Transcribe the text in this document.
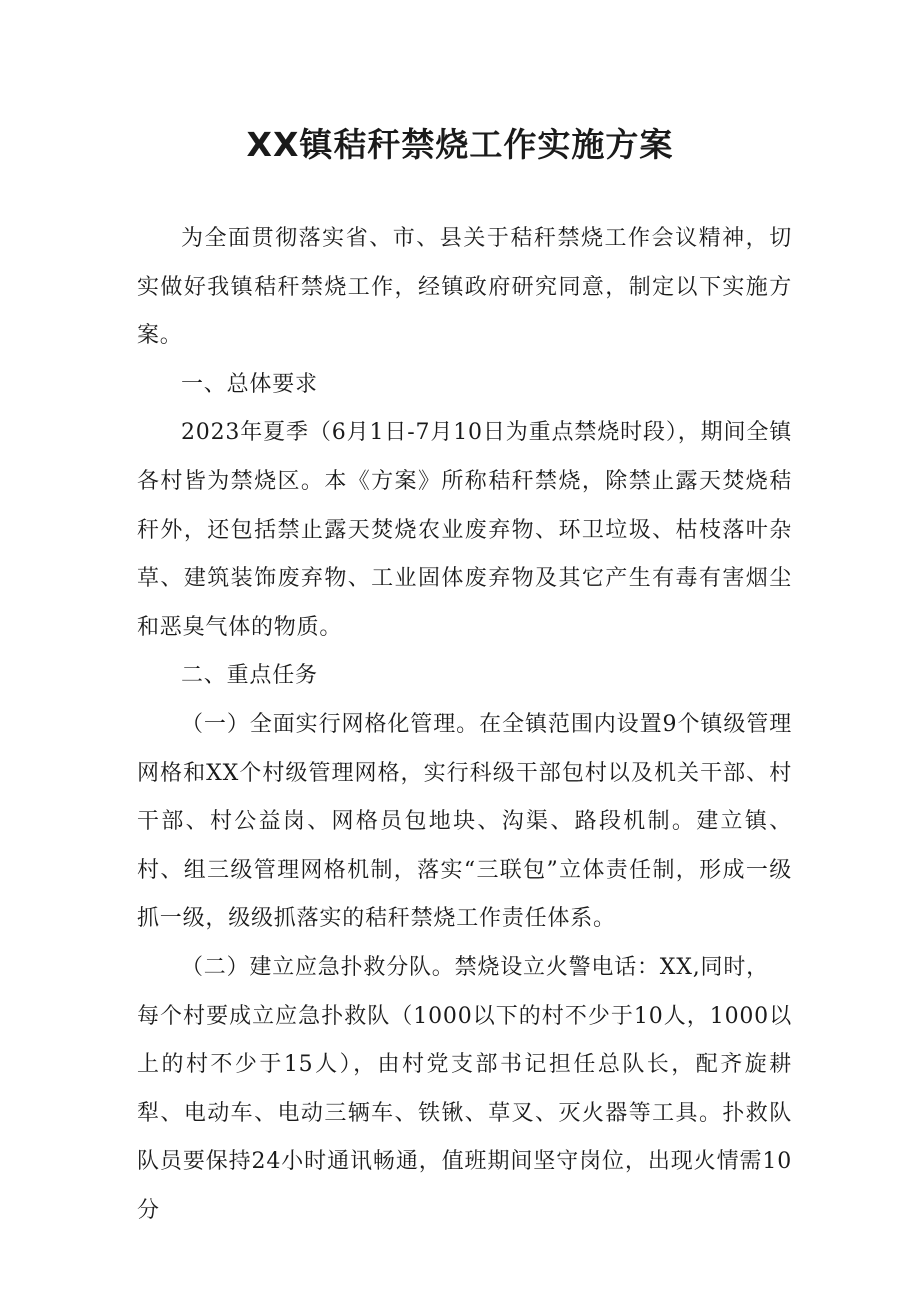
XX镇秸秆禁烧工作实施方案

为全面贯彻落实省、市、县关于秸秆禁烧工作会议精神，切实做好我镇秸秆禁烧工作，经镇政府研究同意，制定以下实施方案。

一、总体要求

2023年夏季（6月1日-7月10日为重点禁烧时段），期间全镇各村皆为禁烧区。本《方案》所称秸秆禁烧，除禁止露天焚烧秸秆外，还包括禁止露天焚烧农业废弃物、环卫垃圾、枯枝落叶杂草、建筑装饰废弃物、工业固体废弃物及其它产生有毒有害烟尘和恶臭气体的物质。

二、重点任务

（一）全面实行网格化管理。在全镇范围内设置9个镇级管理网格和XX个村级管理网格，实行科级干部包村以及机关干部、村干部、村公益岗、网格员包地块、沟渠、路段机制。建立镇、村、组三级管理网格机制，落实“三联包”立体责任制，形成一级抓一级，级级抓落实的秸秆禁烧工作责任体系。

（二）建立应急扑救分队。禁烧设立火警电话：XX,同时，

每个村要成立应急扑救队（1000以下的村不少于10人，1000以上的村不少于15人），由村党支部书记担任总队长，配齐旋耕犁、电动车、电动三辆车、铁锹、草叉、灭火器等工具。扑救队队员要保持24小时通讯畅通，值班期间坚守岗位，出现火情需10分
